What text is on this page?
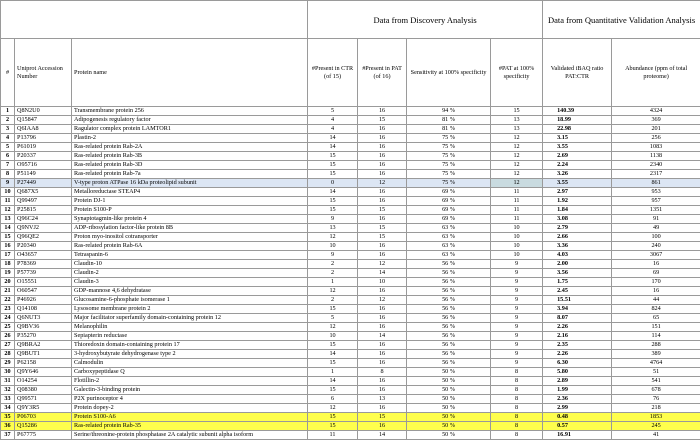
			Data from Discovery Analysis				Data from Quantitative Validation Analysis	
#	Uniprot Accession Number	Protein name	#Present in CTR (of 15)	#Present in PAT (of 16)	Sensitivity at 100% specificity	#PAT at 100% specificity	Validated iBAQ ratio PAT:CTR	Abundance (ppm of total proteome)
1	Q8N2U0	Transmembrane protein 256	5	16	94 %	15	140.39	4324
2	Q15847	Adipogenesis regulatory factor	4	15	81 %	13	18.99	369
3	Q6IAA8	Ragulator complex protein LAMTOR1	4	16	81 %	13	22.98	201
4	P13796	Plastin-2	14	16	75 %	12	3.15	256
5	P61019	Ras-related protein Rab-2A	14	16	75 %	12	3.55	1083
6	P20337	Ras-related protein Rab-3B	15	16	75 %	12	2.69	1138
7	O95716	Ras-related protein Rab-3D	15	16	75 %	12	2.24	2340
8	P51149	Ras-related protein Rab-7a	15	16	75 %	12	3.26	2317
9	P27449	V-type proton ATPase 16 kDa proteolipid subunit	0	12	75 %	12	3.55	861
10	Q687X5	Metalloreductase STEAP4	14	16	69 %	11	2.97	953
11	Q99497	Protein DJ-1	15	16	69 %	11	1.92	957
12	P25815	Protein S100-P	15	15	69 %	11	1.84	1351
13	Q96C24	Synaptotagmin-like protein 4	9	16	69 %	11	3.08	91
14	Q9NVJ2	ADP-ribosylation factor-like protein 8B	13	15	63 %	10	2.79	49
15	Q96QE2	Proton myo-inositol cotransporter	12	15	63 %	10	2.66	100
16	P20340	Ras-related protein Rab-6A	10	16	63 %	10	3.36	240
17	O43657	Tetraspanin-6	9	16	63 %	10	4.03	3067
18	P78369	Claudin-10	2	12	56 %	9	2.00	16
19	P57739	Claudin-2	2	14	56 %	9	3.56	69
20	O15551	Claudin-3	1	10	56 %	9	1.75	170
21	O60547	GDP-mannose 4,6 dehydratase	12	16	56 %	9	2.45	16
22	P46926	Glucosamine-6-phosphate isomerase 1	2	12	56 %	9	15.51	44
23	Q14108	Lysosome membrane protein 2	15	16	56 %	9	3.94	824
24	Q6NUT3	Major facilitator superfamily domain-containing protein 12	5	16	56 %	9	8.07	65
25	Q9BV36	Melanophilin	12	16	56 %	9	2.26	151
26	P35270	Sepiapterin reductase	10	14	56 %	9	2.16	114
27	Q9BRA2	Thioredoxin domain-containing protein 17	15	16	56 %	9	2.35	288
28	Q9BUT1	3-hydroxybutyrate dehydrogenase type 2	14	16	56 %	9	2.26	389
29	P62158	Calmodulin	15	16	56 %	9	6.30	4764
30	Q9Y646	Carboxypeptidase Q	1	8	50 %	8	5.80	51
31	O14254	Flotillin-2	14	16	50 %	8	2.89	541
32	Q08380	Galectin-3-binding protein	15	16	50 %	8	1.99	678
33	Q99571	P2X purinoceptor 4	6	13	50 %	8	2.36	76
34	Q9Y3R5	Protein dopey-2	12	16	50 %	8	2.99	218
35	P06703	Protein S100-A6	15	15	50 %	8	0.48	1853
36	Q15286	Ras-related protein Rab-35	15	16	50 %	8	0.57	245
37	P67775	Serine/threonine-protein phosphatase 2A catalytic subunit alpha isoform	11	14	50 %	8	16.91	41
